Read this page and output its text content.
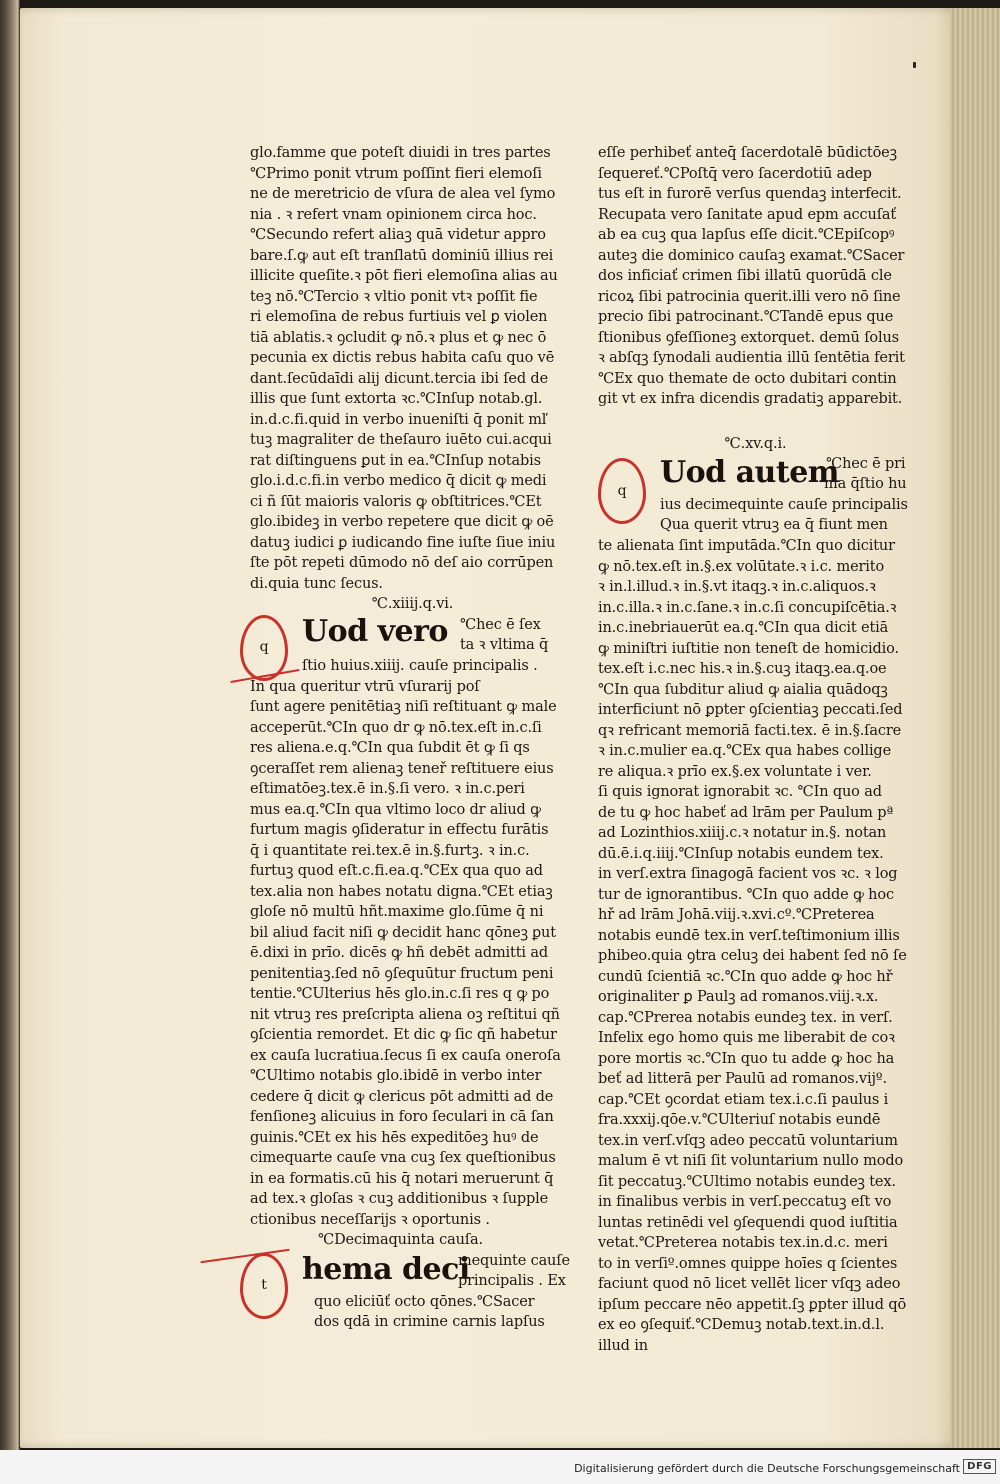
glo.famme que poteſt diuidi in tres partes
℃Primo ponit vtrum poſſint fieri elemoſi
ne de meretricio de vſura de alea vel ſymo
nia . ꝛ refert vnam opinionem circa hoc.
℃Secundo refert aliaꝫ quā videtur appro
bare.ſ.ꝙ aut eſt tranſlatū dominiū illius rei
illicite queſite.ꝛ pōt fieri elemoſina alias au
teꝫ nō.℃Tercio ꝛ vltio ponit vtꝛ poſſit fie
ri elemoſina de rebus furtiuis vel ꝑ violen
tiā ablatis.ꝛ ꝯcludit ꝙ nō.ꝛ plus et ꝙ nec ō
pecunia ex dictis rebus habita caſu quo vē
dant.ſecūdaīdi alij dicunt.tercia ibi ſed de
illis que ſunt extorta ꝛc.℃Inſup notab.gl.
in.d.c.fi.quid in verbo inueniſti q̄ ponit mľ
tuꝫ magraliter de theſauro iuēto cui.acqui
rat diſtinguens ꝑut in ea.℃Inſup notabis
glo.i.d.c.fi.in verbo medico q̄ dicit ꝙ medi
ci ñ ſūt maioris valoris ꝙ obſtitrices.℃Et
glo.ibideꝫ in verbo repetere que dicit ꝙ oē
datuꝫ iudici ꝑ iudicando fine iuſte ſiue iniu
ſte pōt repeti dūmodo nō deſ aio corrūpen
di.quia tunc ſecus.
℃.xiiij.q.vi.
q	Uod vero ℃hec ē ſex
ta ꝛ vltima q̄
ſtio huius.xiiij. cauſe principalis .
In qua queritur vtrū vſurarij poſ
ſunt agere penitētiaꝫ niſi reſtituant ꝙ male
acceperūt.℃In quo dr ꝙ nō.tex.eſt in.c.ſi
res aliena.e.q.℃In qua ſubdit ēt ꝙ ſi qs
ꝯceraſſet rem alienaꝫ teneř reſtituere eius
eſtimatōeꝫ.tex.ē in.§.ſi vero. ꝛ in.c.peri
mus ea.q.℃In qua vltimo loco dr aliud ꝙ
furtum magis ꝯſideratur in effectu furātis
q̄ i quantitate rei.tex.ē in.§.furtꝫ. ꝛ in.c.
furtuꝫ quod eſt.c.fi.ea.q.℃Ex qua quo ad
tex.alia non habes notatu digna.℃Et etiaꝫ
gloſe nō multū hñt.maxime glo.ſūme q̄ ni
bil aliud facit niſi ꝙ decidit hanc qōneꝫ ꝑut
ē.dixi in prīo. dicēs ꝙ hñ debēt admitti ad
penitentiaꝫ.ſed nō ꝯſequūtur fructum peni
tentie.℃Ulterius hēs glo.in.c.ſi res q ꝙ po
nit vtruꝫ res preſcripta aliena oꝫ reſtitui qñ
ꝯſcientia remordet. Et dic ꝙ ſic qñ habetur
ex cauſa lucratiua.ſecus ſi ex cauſa oneroſa
℃Ultimo notabis glo.ibidē in verbo inter
cedere q̄ dicit ꝙ clericus pōt admitti ad de
fenſioneꝫ alicuius in foro ſeculari in cā ſan
guinis.℃Et ex his hēs expeditōeꝫ huꝰ de
cimequarte cauſe vna cuꝫ ſex queſtionibus
in ea formatis.cū his q̄ notari meruerunt q̄
ad tex.ꝛ gloſas ꝛ cuꝫ additionibus ꝛ ſupple
ctionibus neceſſarijs ꝛ oportunis .
℃Decimaquinta cauſa.
t	hema deci
mequinte cauſe
principalis . Ex
quo eliciūť octo qōnes.℃Sacer
dos qdā in crimine carnis lapſus
eſſe perhibeť anteq̄ ſacerdotalē būdictōeꝫ
ſequereť.℃Poſtq̄ vero ſacerdotiū adep
tus eſt in furorē verſus quendaꝫ interfecit.
Recupata vero ſanitate apud epm accuſať
ab ea cuꝫ qua lapſus eſſe dicit.℃Epiſcopꝰ
auteꝫ die dominico cauſaꝫ examat.℃Sacer
dos inficiať crimen ſibi illatū quorūdā cle
ricoꝝ ſibi patrocinia querit.illi vero nō ſine
precio ſibi patrocinant.℃Tandē epus que
ſtionibus ꝯfeſſioneꝫ extorquet. demū ſolus
ꝛ abſqꝫ ſynodali audientia illū ſentētia ferit
℃Ex quo themate de octo dubitari contin
git vt ex infra dicendis gradatiꝫ apparebit.
℃.xv.q.i.
q
Uod autem
℃hec ē pri
ma q̄ſtio hu
ius decimequinte cauſe principalis
Qua querit vtruꝫ ea q̄ fiunt men
te alienata ſint imputāda.℃In quo dicitur
ꝙ nō.tex.eſt in.§.ex volūtate.ꝛ i.c. merito
ꝛ in.l.illud.ꝛ in.§.vt itaqꝫ.ꝛ in.c.aliquos.ꝛ
in.c.illa.ꝛ in.c.ſane.ꝛ in.c.ſi concupiſcētia.ꝛ
in.c.inebriauerūt ea.q.℃In qua dicit etiā
ꝙ miniſtri iuſtitie non teneſt de homicidio.
tex.eſt i.c.nec his.ꝛ in.§.cuꝫ itaqꝫ.ea.q.oe
℃In qua ſubditur aliud ꝙ aialia quādoqꝫ
interficiunt nō ꝑpter ꝯſcientiaꝫ peccati.ſed
qꝛ refricant memoriā facti.tex. ē in.§.ſacre
ꝛ in.c.mulier ea.q.℃Ex qua habes collige
re aliqua.ꝛ prīo ex.§.ex voluntate i ver.
ſi quis ignorat ignorabit ꝛc. ℃In quo ad
de tu ꝙ hoc habeť ad lrām per Paulum pª
ad Lozinthios.xiiij.c.ꝛ notatur in.§. notan
dū.ē.i.q.iiij.℃Inſup notabis eundem tex.
in verſ.extra ſinagogā facient vos ꝛc. ꝛ log
tur de ignorantibus. ℃In quo adde ꝙ hoc
hř ad lrām Johā.viij.ꝛ.xvi.cº.℃Preterea
notabis eundē tex.in verſ.teſtimonium illis
phibeo.quia ꝯtra celuꝫ dei habent ſed nō ſe
cundū ſcientiā ꝛc.℃In quo adde ꝙ hoc hř
originaliter ꝑ Paulꝫ ad romanos.viij.ꝛ.x.
cap.℃Prerea notabis eundeꝫ tex. in verſ.
Infelix ego homo quis me liberabit de coꝛ
pore mortis ꝛc.℃In quo tu adde ꝙ hoc ha
beť ad litterā per Paulū ad romanos.vijº.
cap.℃Et ꝯcordat etiam tex.i.c.ſi paulus i
fra.xxxij.qōe.v.℃Ulteriuſ notabis eundē
tex.in verſ.vſqꝫ adeo peccatū voluntarium
malum ē vt niſi ſit voluntarium nullo modo
ſit peccatuꝫ.℃Ultimo notabis eundeꝫ tex.
in finalibus verbis in verſ.peccatuꝫ eſt vo
luntas retinēdi vel ꝯſequendi quod iuſtitia
vetat.℃Preterea notabis tex.in.d.c. meri
to in verſiº.omnes quippe hoīes q ſcientes
faciunt quod nō licet vellēt licer vſqꝫ adeo
ipſum peccare nēo appetit.ſꝫ ꝑpter illud qō
ex eo ꝯſequiť.℃Demuꝫ notab.text.in.d.l.
illud in
Digitalisierung gefördert durch die Deutsche Forschungsgemeinschaft DFG
